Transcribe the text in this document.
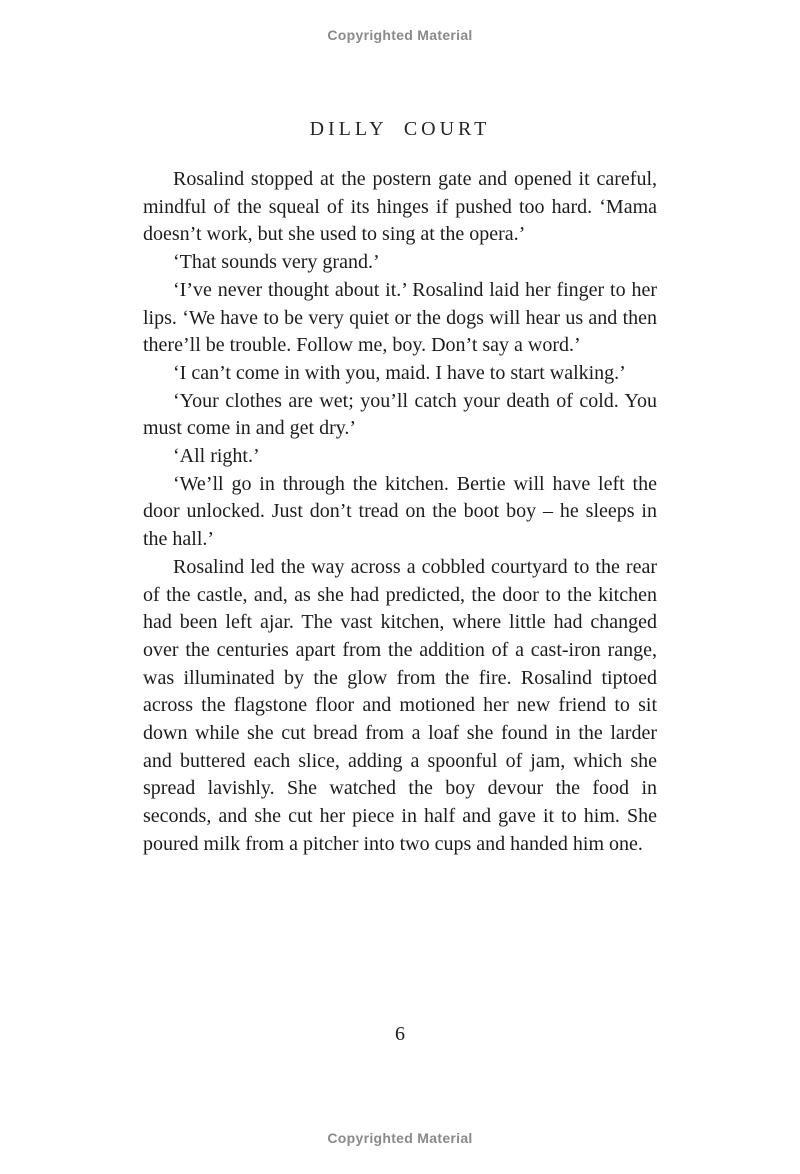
Copyrighted Material
DILLY COURT

Rosalind stopped at the postern gate and opened it careful, mindful of the squeal of its hinges if pushed too hard. ‘Mama doesn’t work, but she used to sing at the opera.’

‘That sounds very grand.’

‘I’ve never thought about it.’ Rosalind laid her finger to her lips. ‘We have to be very quiet or the dogs will hear us and then there’ll be trouble. Follow me, boy. Don’t say a word.’

‘I can’t come in with you, maid. I have to start walking.’

‘Your clothes are wet; you’ll catch your death of cold. You must come in and get dry.’

‘All right.’

‘We’ll go in through the kitchen. Bertie will have left the door unlocked. Just don’t tread on the boot boy – he sleeps in the hall.’

Rosalind led the way across a cobbled courtyard to the rear of the castle, and, as she had predicted, the door to the kitchen had been left ajar. The vast kitchen, where little had changed over the centuries apart from the addition of a cast-iron range, was illuminated by the glow from the fire. Rosalind tiptoed across the flagstone floor and motioned her new friend to sit down while she cut bread from a loaf she found in the larder and buttered each slice, adding a spoonful of jam, which she spread lavishly. She watched the boy devour the food in seconds, and she cut her piece in half and gave it to him. She poured milk from a pitcher into two cups and handed him one.

6
Copyrighted Material
